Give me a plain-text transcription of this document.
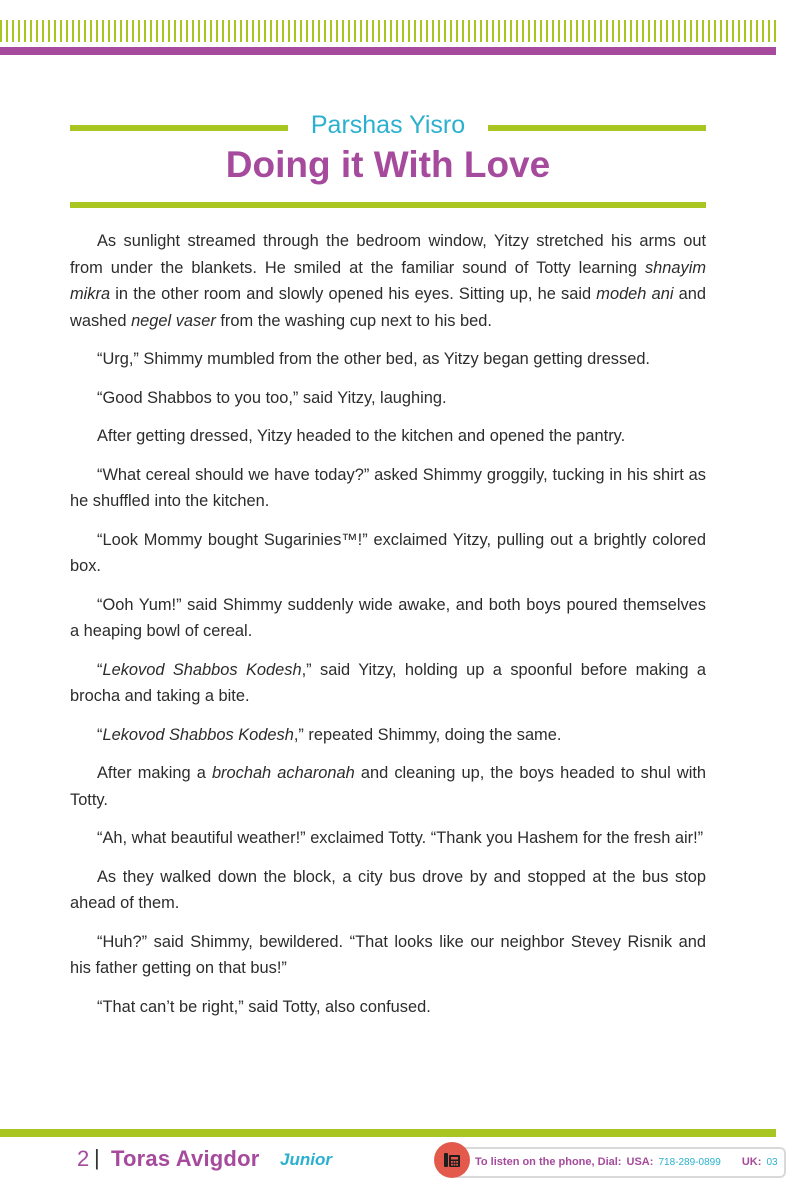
Parshas Yisro
Doing it With Love

As sunlight streamed through the bedroom window, Yitzy stretched his arms out from under the blankets. He smiled at the familiar sound of Totty learning shnayim mikra in the other room and slowly opened his eyes. Sitting up, he said modeh ani and washed negel vaser from the washing cup next to his bed.

“Urg,” Shimmy mumbled from the other bed, as Yitzy began getting dressed.

“Good Shabbos to you too,” said Yitzy, laughing.

After getting dressed, Yitzy headed to the kitchen and opened the pantry.

“What cereal should we have today?” asked Shimmy groggily, tucking in his shirt as he shuffled into the kitchen.

“Look Mommy bought Sugarinies™!” exclaimed Yitzy, pulling out a brightly colored box.

“Ooh Yum!” said Shimmy suddenly wide awake, and both boys poured themselves a heaping bowl of cereal.

“Lekovod Shabbos Kodesh,” said Yitzy, holding up a spoonful before making a brocha and taking a bite.

“Lekovod Shabbos Kodesh,” repeated Shimmy, doing the same.

After making a brochah acharonah and cleaning up, the boys headed to shul with Totty.

“Ah, what beautiful weather!” exclaimed Totty. “Thank you Hashem for the fresh air!”

As they walked down the block, a city bus drove by and stopped at the bus stop ahead of them.

“Huh?” said Shimmy, bewildered. “That looks like our neighbor Stevey Risnik and his father getting on that bus!”

“That can’t be right,” said Totty, also confused.

2 | Toras Avigdor Junior	To listen on the phone, Dial: USA: 718-289-0899 UK: 03
